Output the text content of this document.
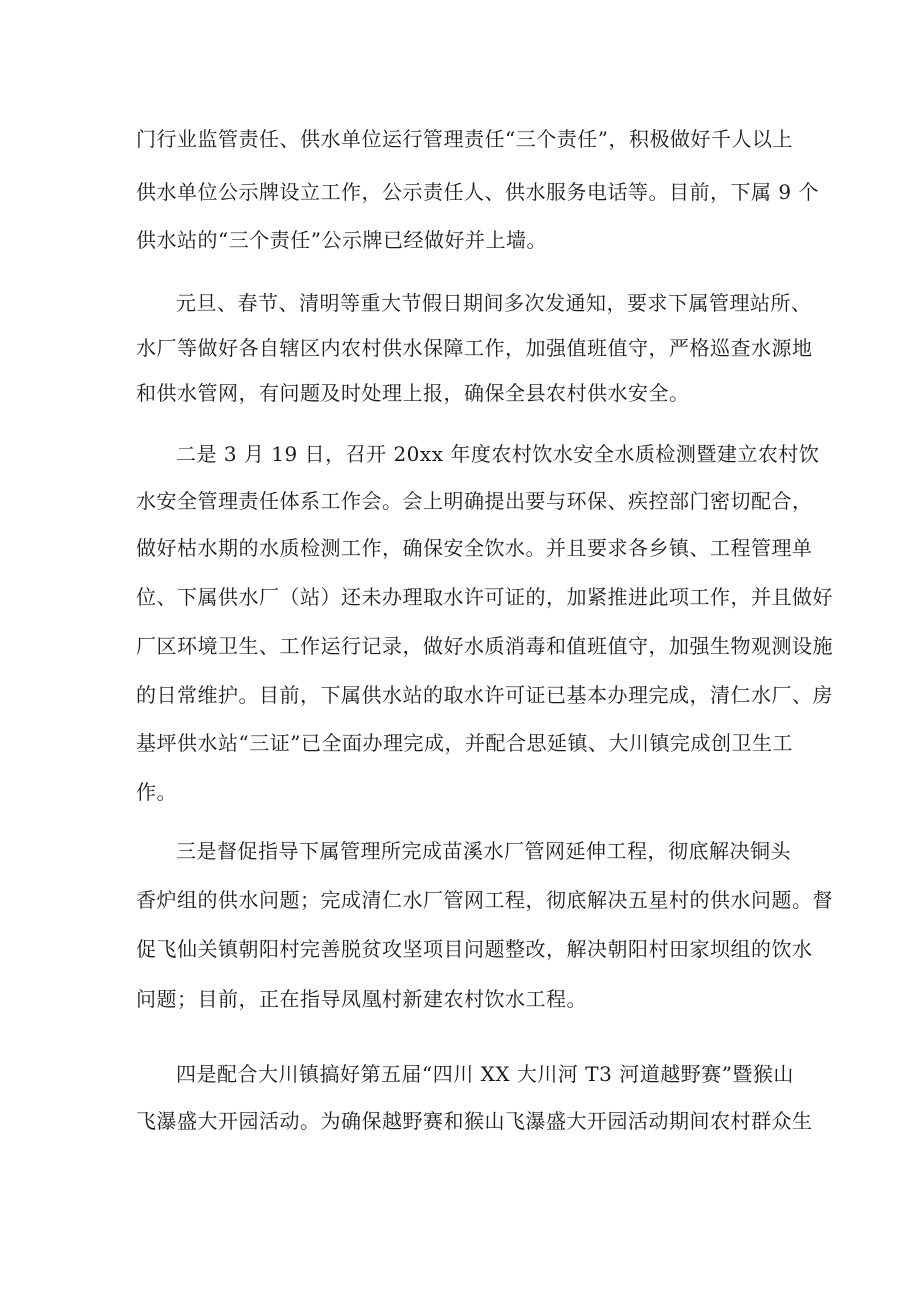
门行业监管责任、供水单位运行管理责任“三个责任”，积极做好千人以上
供水单位公示牌设立工作，公示责任人、供水服务电话等。目前，下属 9 个
供水站的“三个责任”公示牌已经做好并上墙。
元旦、春节、清明等重大节假日期间多次发通知，要求下属管理站所、
水厂等做好各自辖区内农村供水保障工作，加强值班值守，严格巡查水源地
和供水管网，有问题及时处理上报，确保全县农村供水安全。
二是 3 月 19 日，召开 20xx 年度农村饮水安全水质检测暨建立农村饮
水安全管理责任体系工作会。会上明确提出要与环保、疾控部门密切配合，
做好枯水期的水质检测工作，确保安全饮水。并且要求各乡镇、工程管理单
位、下属供水厂（站）还未办理取水许可证的，加紧推进此项工作，并且做好
厂区环境卫生、工作运行记录，做好水质消毒和值班值守，加强生物观测设施
的日常维护。目前，下属供水站的取水许可证已基本办理完成，清仁水厂、房
基坪供水站“三证”已全面办理完成，并配合思延镇、大川镇完成创卫生工
作。
三是督促指导下属管理所完成苗溪水厂管网延伸工程，彻底解决铜头
香炉组的供水问题；完成清仁水厂管网工程，彻底解决五星村的供水问题。督
促飞仙关镇朝阳村完善脱贫攻坚项目问题整改，解决朝阳村田家坝组的饮水
问题；目前，正在指导凤凰村新建农村饮水工程。
四是配合大川镇搞好第五届“四川 XX 大川河 T3 河道越野赛”暨猴山
飞瀑盛大开园活动。为确保越野赛和猴山飞瀑盛大开园活动期间农村群众生
